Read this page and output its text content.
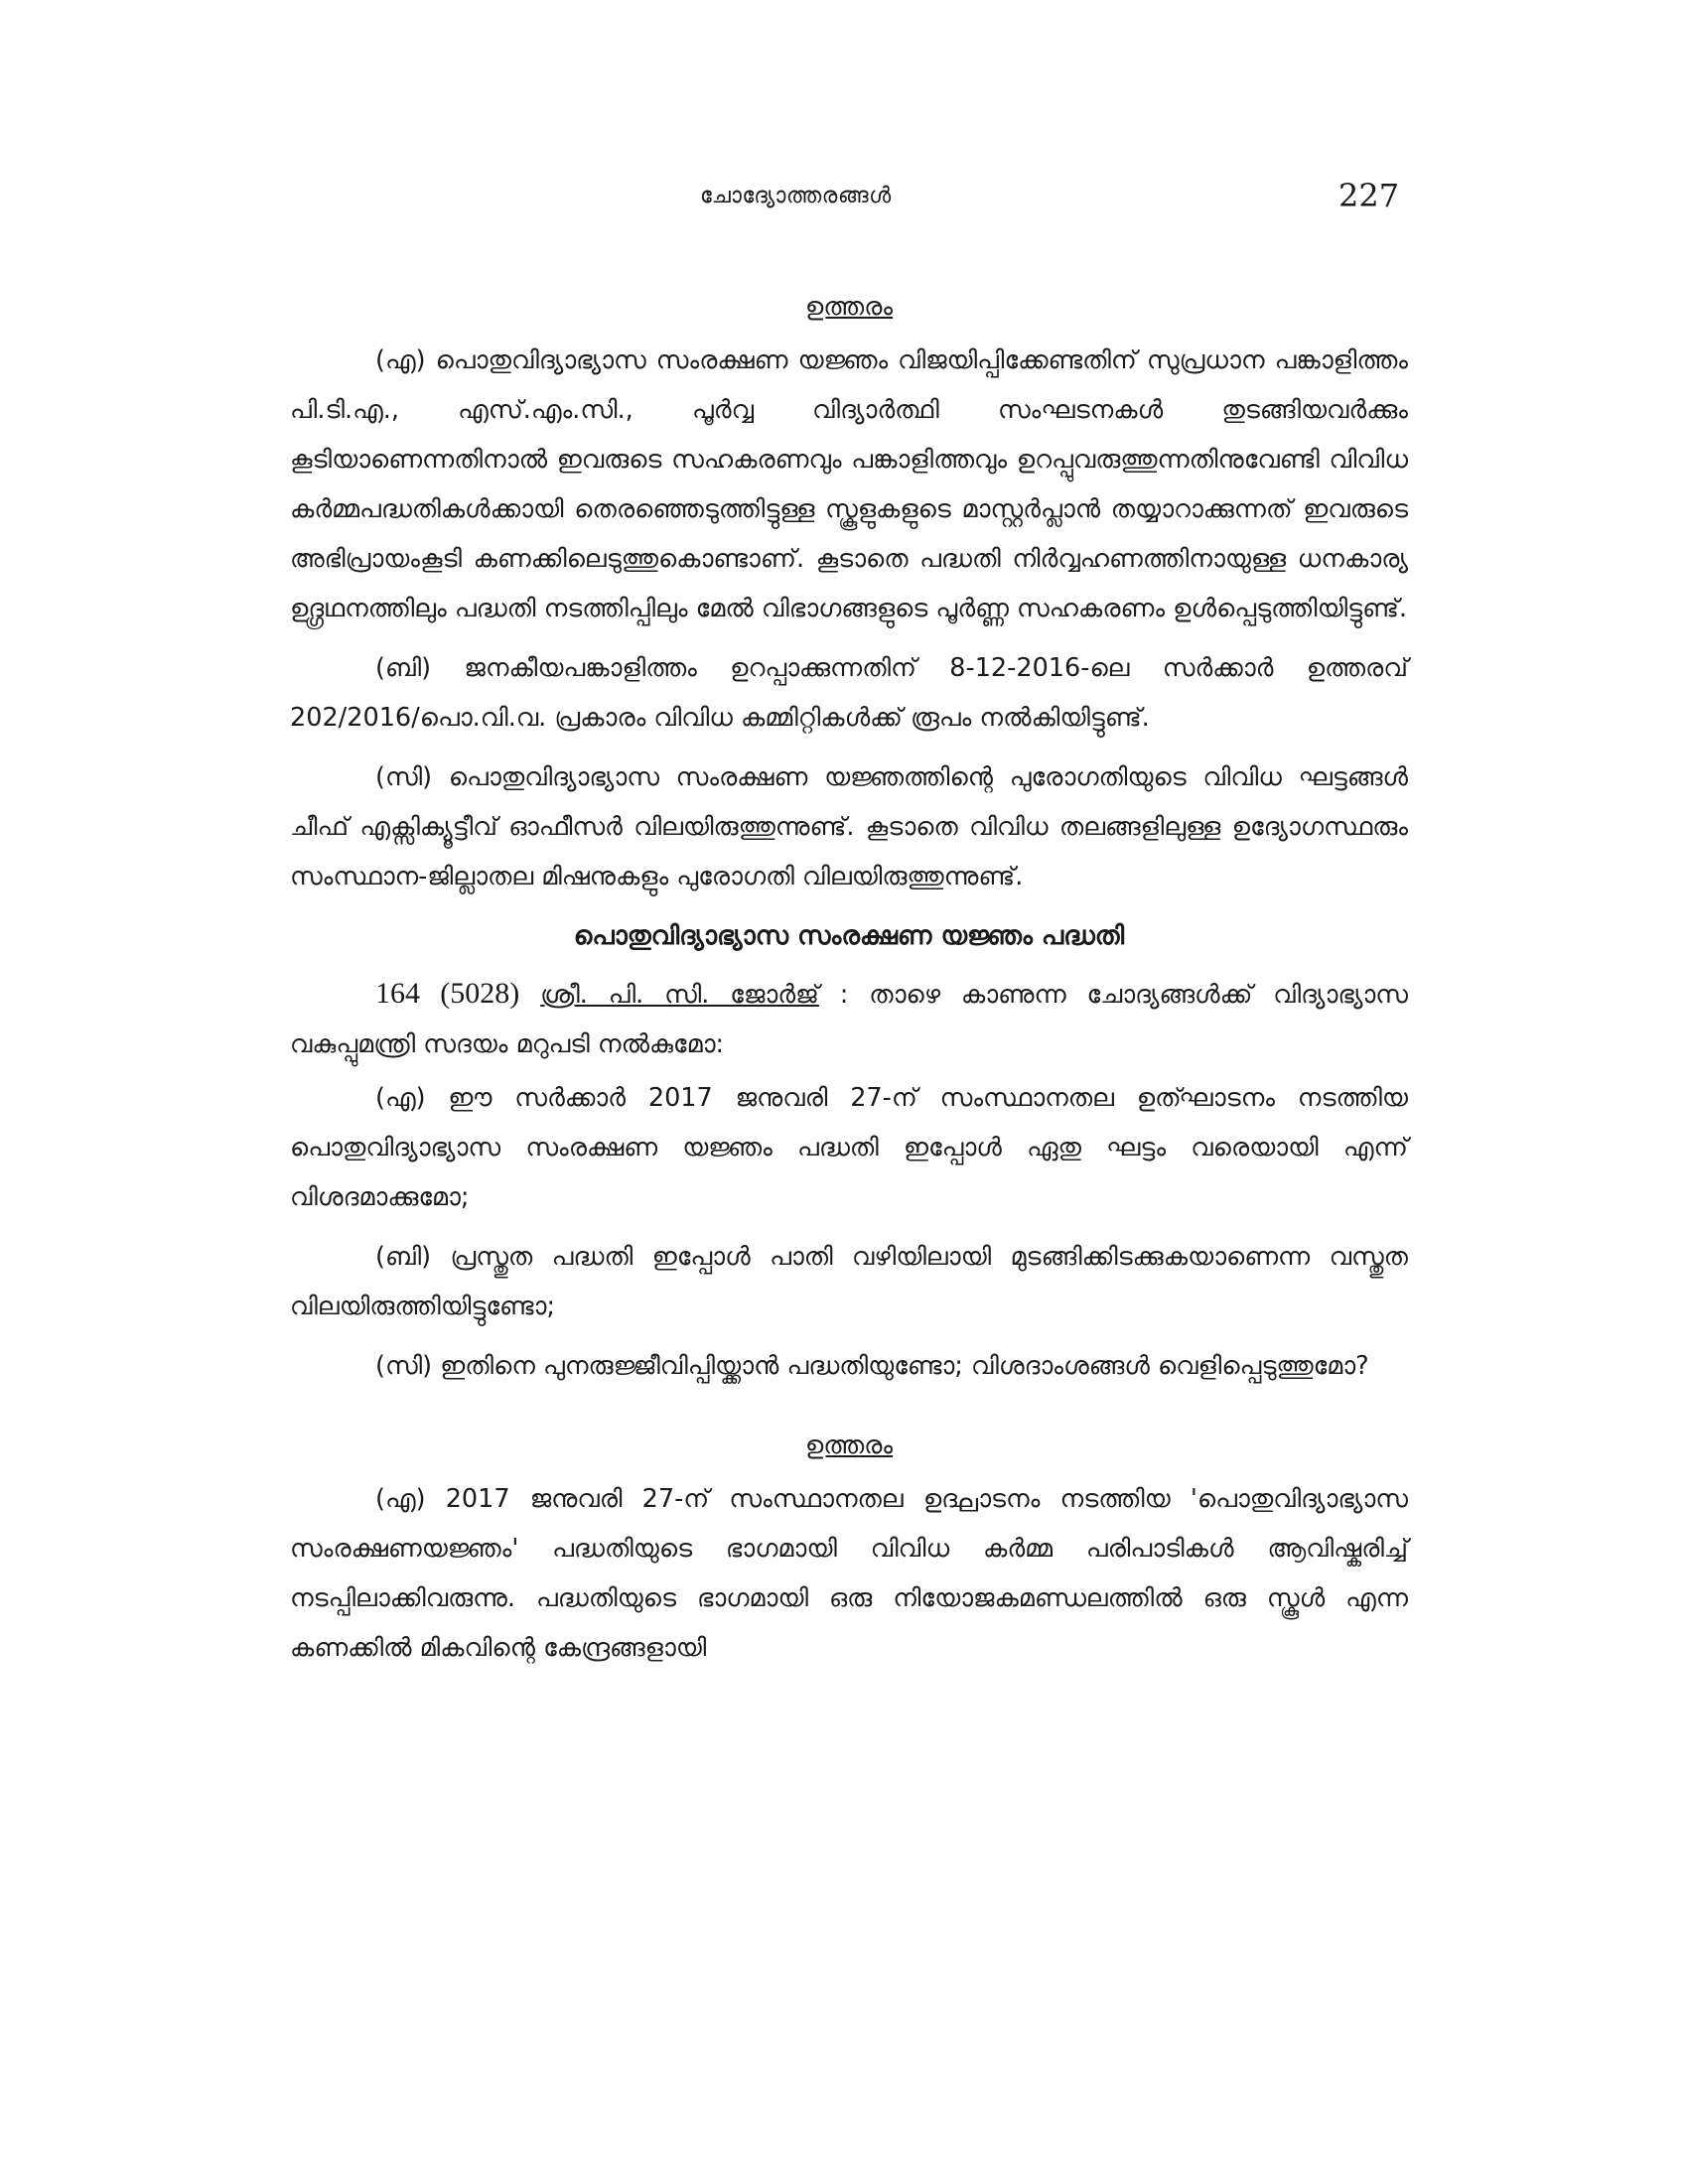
ചോദ്യോത്തരങ്ങൾ	227
ഉത്തരം

(എ) പൊതുവിദ്യാഭ്യാസ സംരക്ഷണ യജ്ഞം വിജയിപ്പിക്കേണ്ടതിന് സുപ്രധാന പങ്കാളിത്തം പി.ടി.എ., എസ്.എം.സി., പൂർവ്വ വിദ്യാർത്ഥി സംഘടനകൾ തുടങ്ങിയവർക്കും കൂടിയാണെന്നതിനാൽ ഇവരുടെ സഹകരണവും പങ്കാളിത്തവും ഉറപ്പുവരുത്തുന്നതിനുവേണ്ടി വിവിധ കർമ്മപദ്ധതികൾക്കായി തെരഞ്ഞെടുത്തിട്ടുള്ള സ്കൂളുകളുടെ മാസ്റ്റർപ്ലാൻ തയ്യാറാക്കുന്നത് ഇവരുടെ അഭിപ്രായംകൂടി കണക്കിലെടുത്തുകൊണ്ടാണ്. കൂടാതെ പദ്ധതി നിർവ്വഹണത്തിനായുള്ള ധനകാര്യ ഉദ്ഗ്രഥനത്തിലും പദ്ധതി നടത്തിപ്പിലും മേൽ വിഭാഗങ്ങളുടെ പൂർണ്ണ സഹകരണം ഉൾപ്പെടുത്തിയിട്ടുണ്ട്.

(ബി) ജനകീയപങ്കാളിത്തം ഉറപ്പാക്കുന്നതിന് 8-12-2016-ലെ സർക്കാർ ഉത്തരവ് 202/2016/പൊ.വി.വ. പ്രകാരം വിവിധ കമ്മിറ്റികൾക്ക് രൂപം നൽകിയിട്ടുണ്ട്.

(സി) പൊതുവിദ്യാഭ്യാസ സംരക്ഷണ യജ്ഞത്തിന്റെ പുരോഗതിയുടെ വിവിധ ഘട്ടങ്ങൾ ചീഫ് എക്സിക്യൂട്ടീവ് ഓഫീസർ വിലയിരുത്തുന്നുണ്ട്. കൂടാതെ വിവിധ തലങ്ങളിലുള്ള ഉദ്യോഗസ്ഥരും സംസ്ഥാന-ജില്ലാതല മിഷനുകളും പുരോഗതി വിലയിരുത്തുന്നുണ്ട്.

പൊതുവിദ്യാഭ്യാസ സംരക്ഷണ യജ്ഞം പദ്ധതി

164 (5028) ശ്രീ. പി. സി. ജോർജ് : താഴെ കാണുന്ന ചോദ്യങ്ങൾക്ക് വിദ്യാഭ്യാസ വകുപ്പുമന്ത്രി സദയം മറുപടി നൽകുമോ:

(എ) ഈ സർക്കാർ 2017 ജനുവരി 27-ന് സംസ്ഥാനതല ഉത്ഘാടനം നടത്തിയ പൊതുവിദ്യാഭ്യാസ സംരക്ഷണ യജ്ഞം പദ്ധതി ഇപ്പോൾ ഏതു ഘട്ടം വരെയായി എന്ന് വിശദമാക്കുമോ;

(ബി) പ്രസ്തുത പദ്ധതി ഇപ്പോൾ പാതി വഴിയിലായി മുടങ്ങിക്കിടക്കുകയാണെന്ന വസ്തുത വിലയിരുത്തിയിട്ടുണ്ടോ;

(സി) ഇതിനെ പുനരുജ്ജീവിപ്പിയ്ക്കാൻ പദ്ധതിയുണ്ടോ; വിശദാംശങ്ങൾ വെളിപ്പെടുത്തുമോ?

ഉത്തരം

(എ) 2017 ജനുവരി 27-ന് സംസ്ഥാനതല ഉദ്ഘാടനം നടത്തിയ 'പൊതുവിദ്യാഭ്യാസ സംരക്ഷണയജ്ഞം' പദ്ധതിയുടെ ഭാഗമായി വിവിധ കർമ്മ പരിപാടികൾ ആവിഷ്കരിച്ച് നടപ്പിലാക്കിവരുന്നു. പദ്ധതിയുടെ ഭാഗമായി ഒരു നിയോജകമണ്ഡലത്തിൽ ഒരു സ്കൂൾ എന്ന കണക്കിൽ മികവിന്റെ കേന്ദ്രങ്ങളായി
